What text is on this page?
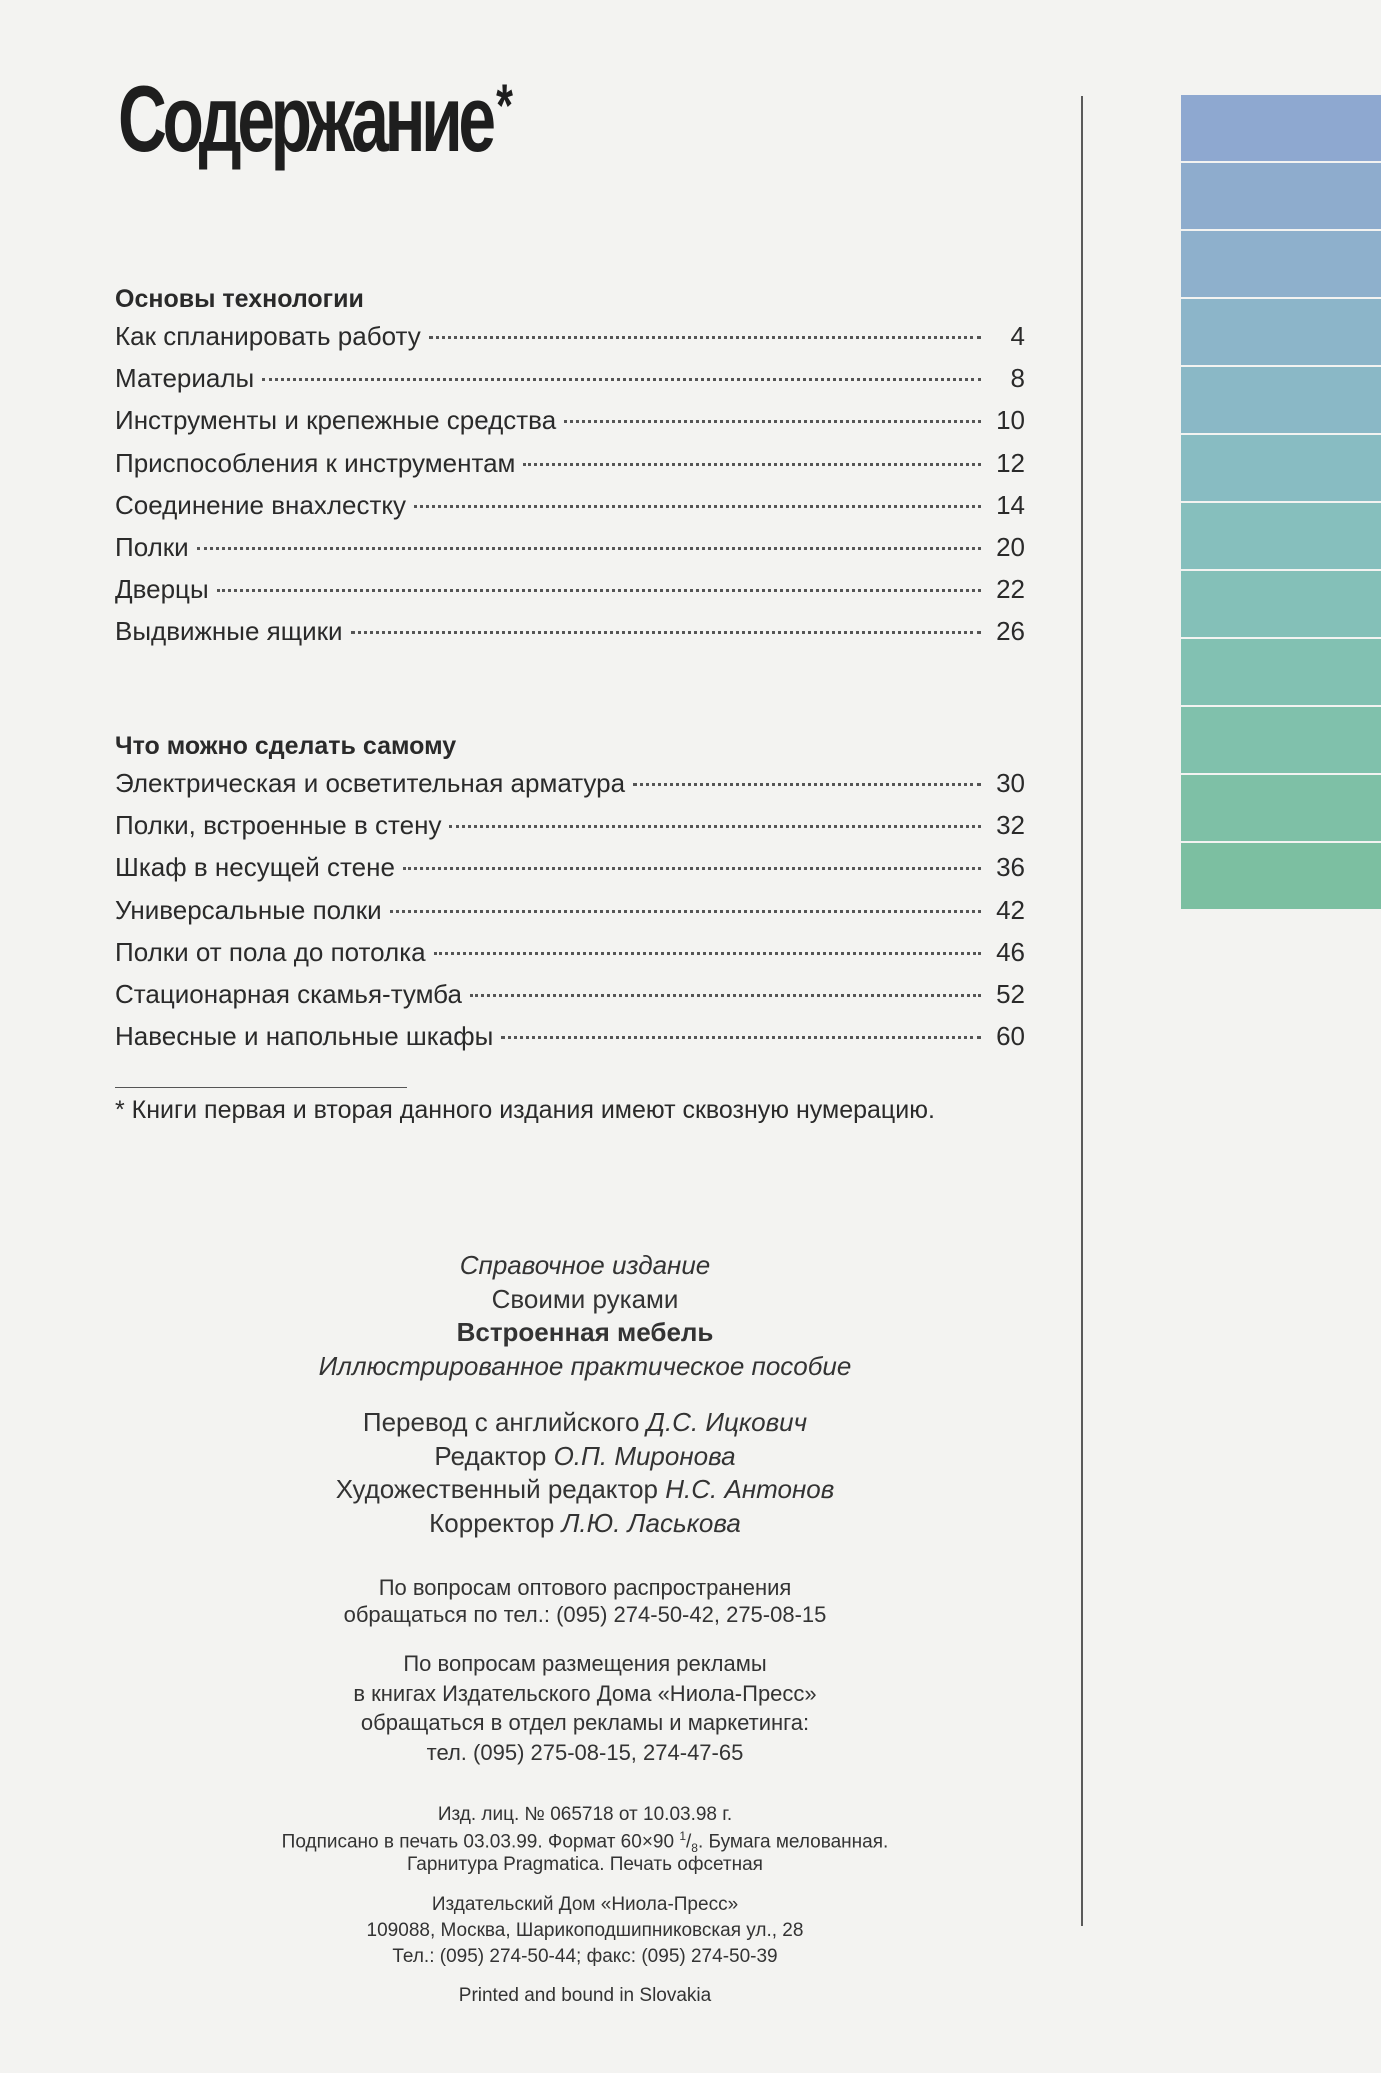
Содержание*
Основы технологии
Как спланировать работу	4
Материалы	8
Инструменты и крепежные средства	10
Приспособления к инструментам	12
Соединение внахлестку	14
Полки	20
Дверцы	22
Выдвижные ящики	26
Что можно сделать самому
Электрическая и осветительная арматура	30
Полки, встроенные в стену	32
Шкаф в несущей стене	36
Универсальные полки	42
Полки от пола до потолка	46
Стационарная скамья-тумба	52
Навесные и напольные шкафы	60
* Книги первая и вторая данного издания имеют сквозную нумерацию.
Справочное издание
Своими руками
Встроенная мебель
Иллюстрированное практическое пособие
Перевод с английского Д.С. Ицкович
Редактор О.П. Миронова
Художественный редактор Н.С. Антонов
Корректор Л.Ю. Ласькова
По вопросам оптового распространения
обращаться по тел.: (095) 274-50-42, 275-08-15
По вопросам размещения рекламы
в книгах Издательского Дома «Ниола-Пресс»
обращаться в отдел рекламы и маркетинга:
тел. (095) 275-08-15, 274-47-65
Изд. лиц. № 065718 от 10.03.98 г.
Подписано в печать 03.03.99. Формат 60×90 $^1/_8$. Бумага мелованная.
Гарнитура Pragmatica. Печать офсетная
Издательский Дом «Ниола-Пресс»
109088, Москва, Шарикоподшипниковская ул., 28
Тел.: (095) 274-50-44; факс: (095) 274-50-39
Printed and bound in Slovakia
